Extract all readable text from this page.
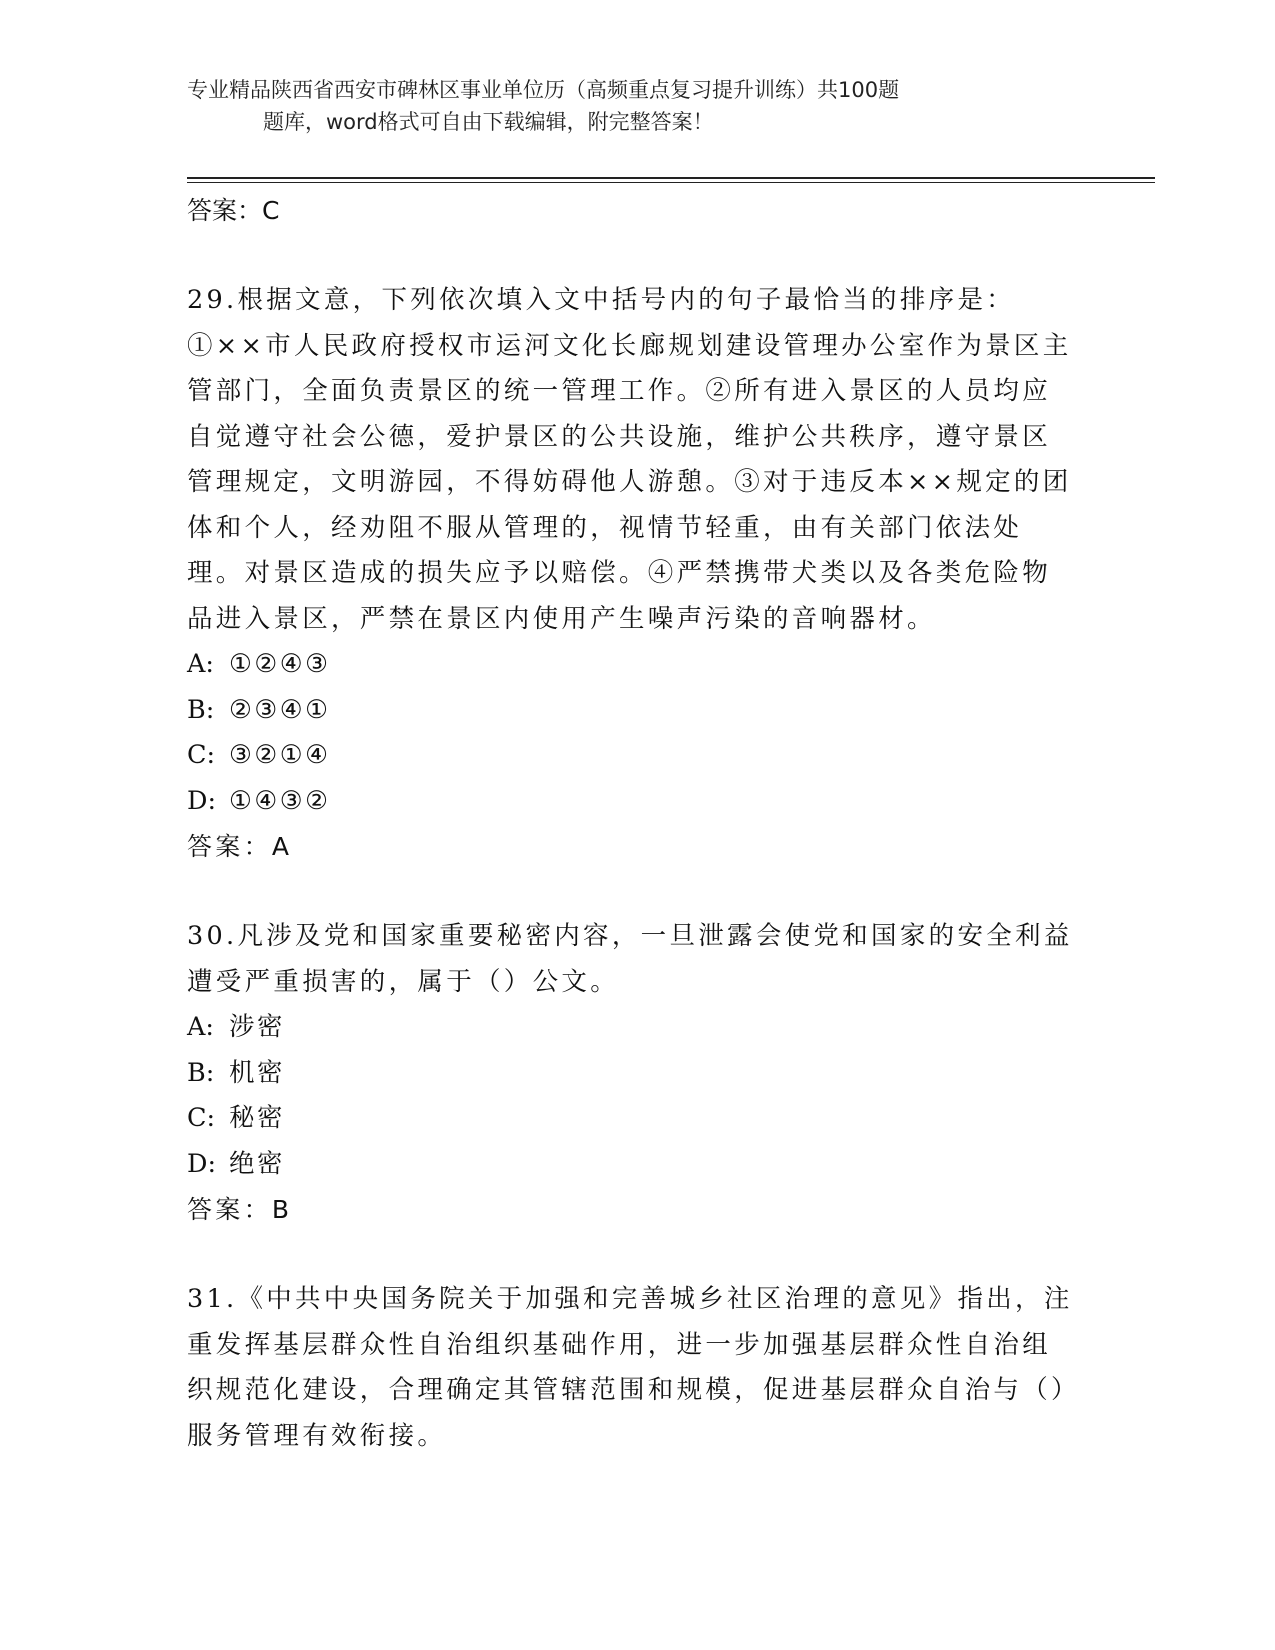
专业精品陕西省西安市碑林区事业单位历（高频重点复习提升训练）共100题
题库，word格式可自由下载编辑，附完整答案！
答案：C
29.根据文意，下列依次填入文中括号内的句子最恰当的排序是：
①××市人民政府授权市运河文化长廊规划建设管理办公室作为景区主管部门，全面负责景区的统一管理工作。②所有进入景区的人员均应自觉遵守社会公德，爱护景区的公共设施，维护公共秩序，遵守景区管理规定，文明游园，不得妨碍他人游憩。③对于违反本××规定的团体和个人，经劝阻不服从管理的，视情节轻重，由有关部门依法处理。对景区造成的损失应予以赔偿。④严禁携带犬类以及各类危险物品进入景区，严禁在景区内使用产生噪声污染的音响器材。
A: ①②④③
B: ②③④①
C: ③②①④
D: ①④③②
答案：A
30.凡涉及党和国家重要秘密内容，一旦泄露会使党和国家的安全利益遭受严重损害的，属于（）公文。
A: 涉密
B: 机密
C: 秘密
D: 绝密
答案：B
31.《中共中央国务院关于加强和完善城乡社区治理的意见》指出，注重发挥基层群众性自治组织基础作用，进一步加强基层群众性自治组织规范化建设，合理确定其管辖范围和规模，促进基层群众自治与（）服务管理有效衔接。
